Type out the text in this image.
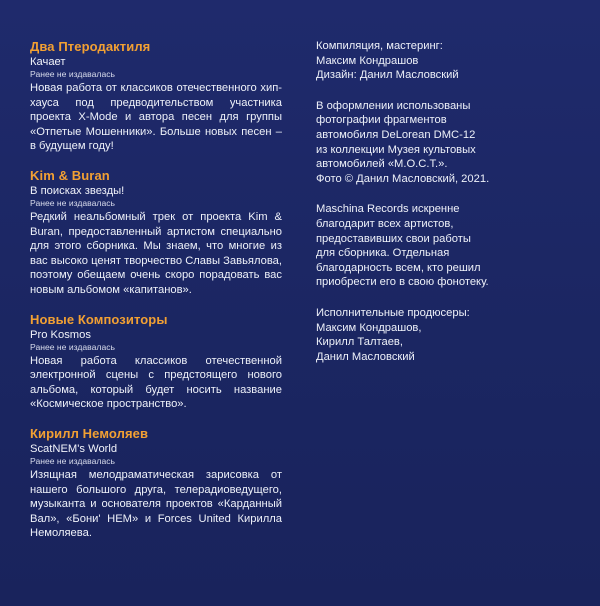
Два Птеродактиля

Качает

Ранее не издавалась

Новая работа от классиков отечественного хип-хауса под предводительством участника проекта X-Mode и автора песен для группы «Отпетые Мошенники». Больше новых песен – в будущем году!

Kim & Buran

В поисках звезды!

Ранее не издавалась

Редкий неальбомный трек от проекта Kim & Buran, предоставленный артистом специально для этого сборника. Мы знаем, что многие из вас высоко ценят творчество Славы Завьялова, поэтому обещаем очень скоро порадовать вас новым альбомом «капитанов».

Новые Композиторы

Pro Kosmos

Ранее не издавалась

Новая работа классиков отечественной электронной сцены с предстоящего нового альбома, который будет носить название «Космическое пространство».

Кирилл Немоляев

ScatNEM's World

Ранее не издавалась

Изящная мелодраматическая зарисовка от нашего большого друга, телерадиоведущего, музыканта и основателя проектов «Карданный Вал», «Бони' НЕМ» и Forces United Кирилла Немоляева.

Компиляция, мастеринг:
Максим Кондрашов
Дизайн: Данил Масловский
В оформлении использованы
фотографии фрагментов
автомобиля DeLorean DMC-12
из коллекции Музея культовых
автомобилей «М.О.С.Т.».
Фото © Данил Масловский, 2021.
Maschina Records искренне
благодарит всех артистов,
предоставивших свои работы
для сборника. Отдельная
благодарность всем, кто решил
приобрести его в свою фонотеку.
Исполнительные продюсеры:
Максим Кондрашов,
Кирилл Талтаев,
Данил Масловский
